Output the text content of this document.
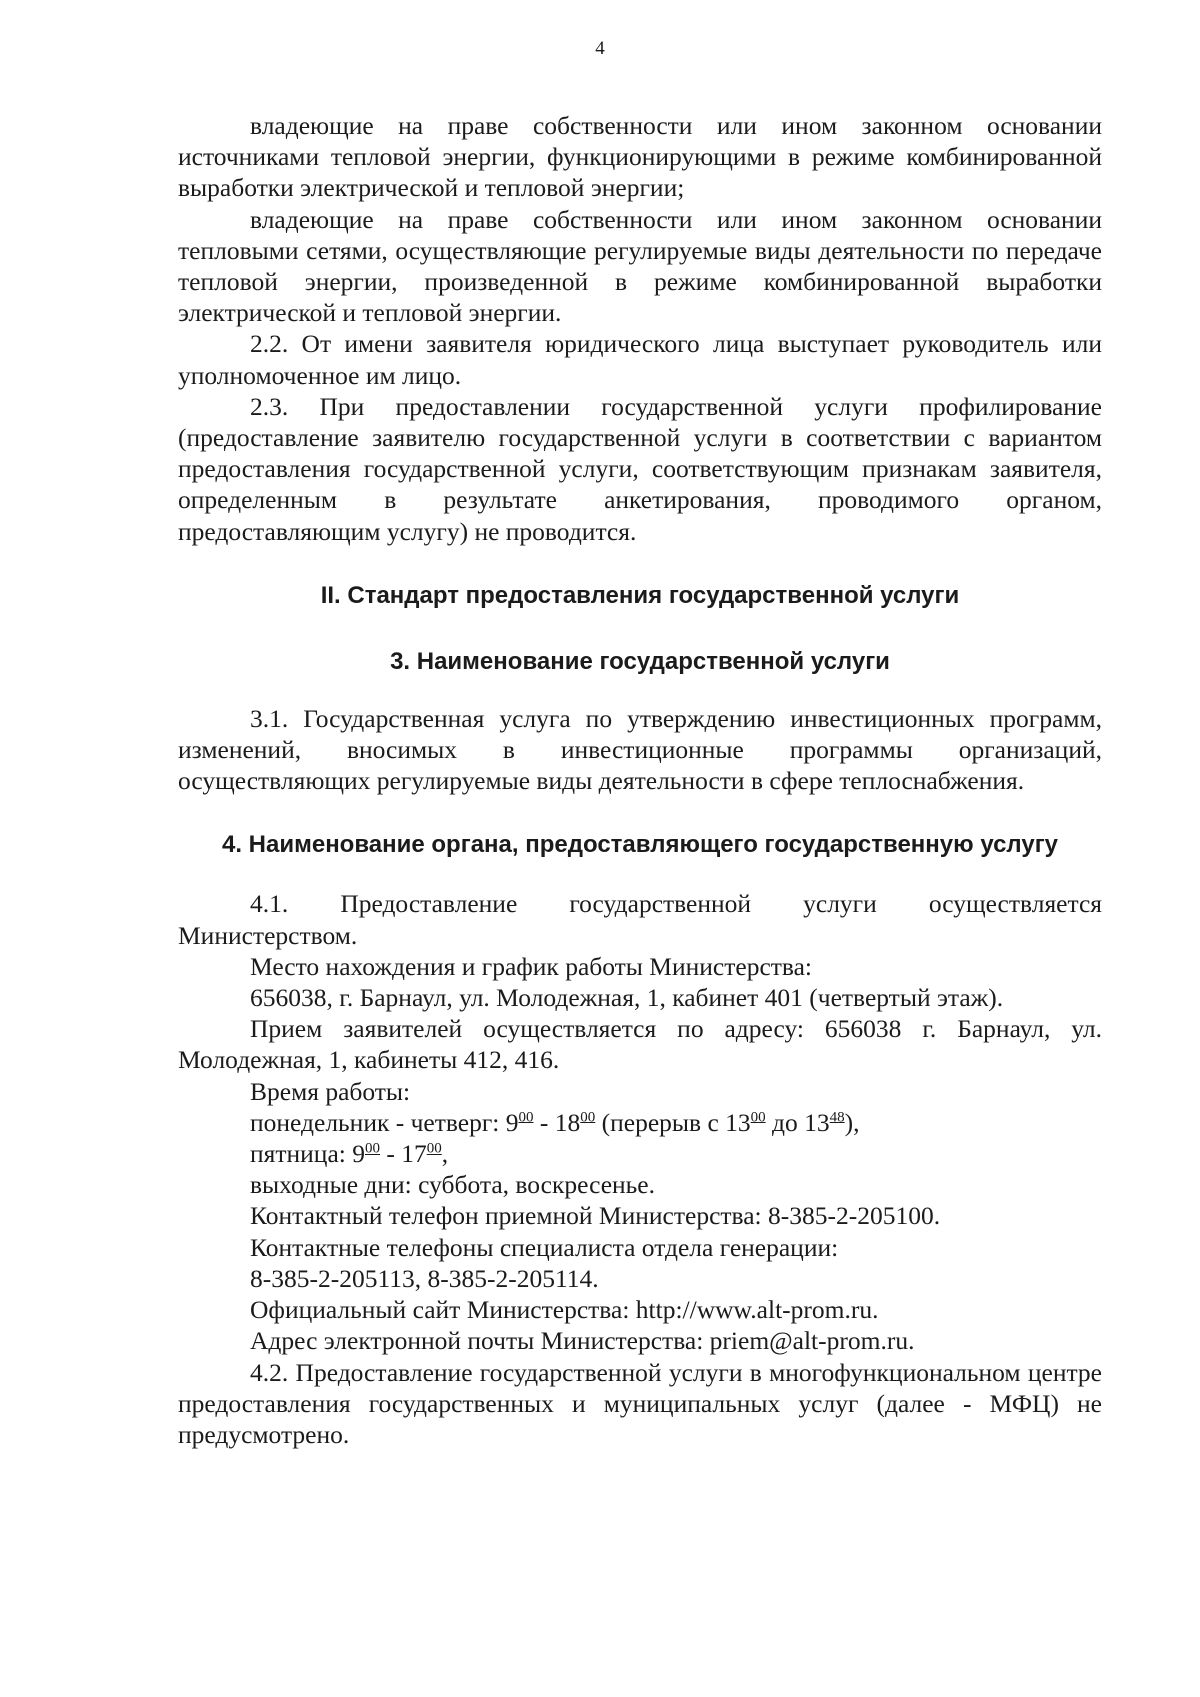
4

владеющие на праве собственности или ином законном основании источниками тепловой энергии, функционирующими в режиме комбинированной выработки электрической и тепловой энергии;

владеющие на праве собственности или ином законном основании тепловыми сетями, осуществляющие регулируемые виды деятельности по передаче тепловой энергии, произведенной в режиме комбинированной выработки электрической и тепловой энергии.

2.2. От имени заявителя юридического лица выступает руководитель или уполномоченное им лицо.

2.3. При предоставлении государственной услуги профилирование (предоставление заявителю государственной услуги в соответствии с вариантом предоставления государственной услуги, соответствующим признакам заявителя, определенным в результате анкетирования, проводимого органом, предоставляющим услугу) не проводится.

II. Стандарт предоставления государственной услуги
3. Наименование государственной услуги

3.1. Государственная услуга по утверждению инвестиционных программ, изменений, вносимых в инвестиционные программы организаций, осуществляющих регулируемые виды деятельности в сфере теплоснабжения.

4. Наименование органа, предоставляющего государственную услугу

4.1. Предоставление государственной услуги осуществляется Министерством.

Место нахождения и график работы Министерства:

656038, г. Барнаул, ул. Молодежная, 1, кабинет 401 (четвертый этаж).

Прием заявителей осуществляется по адресу: 656038 г. Барнаул, ул. Молодежная, 1, кабинеты 412, 416.

Время работы:

понедельник - четверг: $9^{00} - 18^{00}$ (перерыв с $13^{00}$ до $13^{48}$),

пятница: $9^{00} - 17^{00}$,

выходные дни: суббота, воскресенье.

Контактный телефон приемной Министерства: 8-385-2-205100.

Контактные телефоны специалиста отдела генерации:

8-385-2-205113, 8-385-2-205114.

Официальный сайт Министерства: http://www.alt-prom.ru.

Адрес электронной почты Министерства: priem@alt-prom.ru.

4.2. Предоставление государственной услуги в многофункциональном центре предоставления государственных и муниципальных услуг (далее - МФЦ) не предусмотрено.
